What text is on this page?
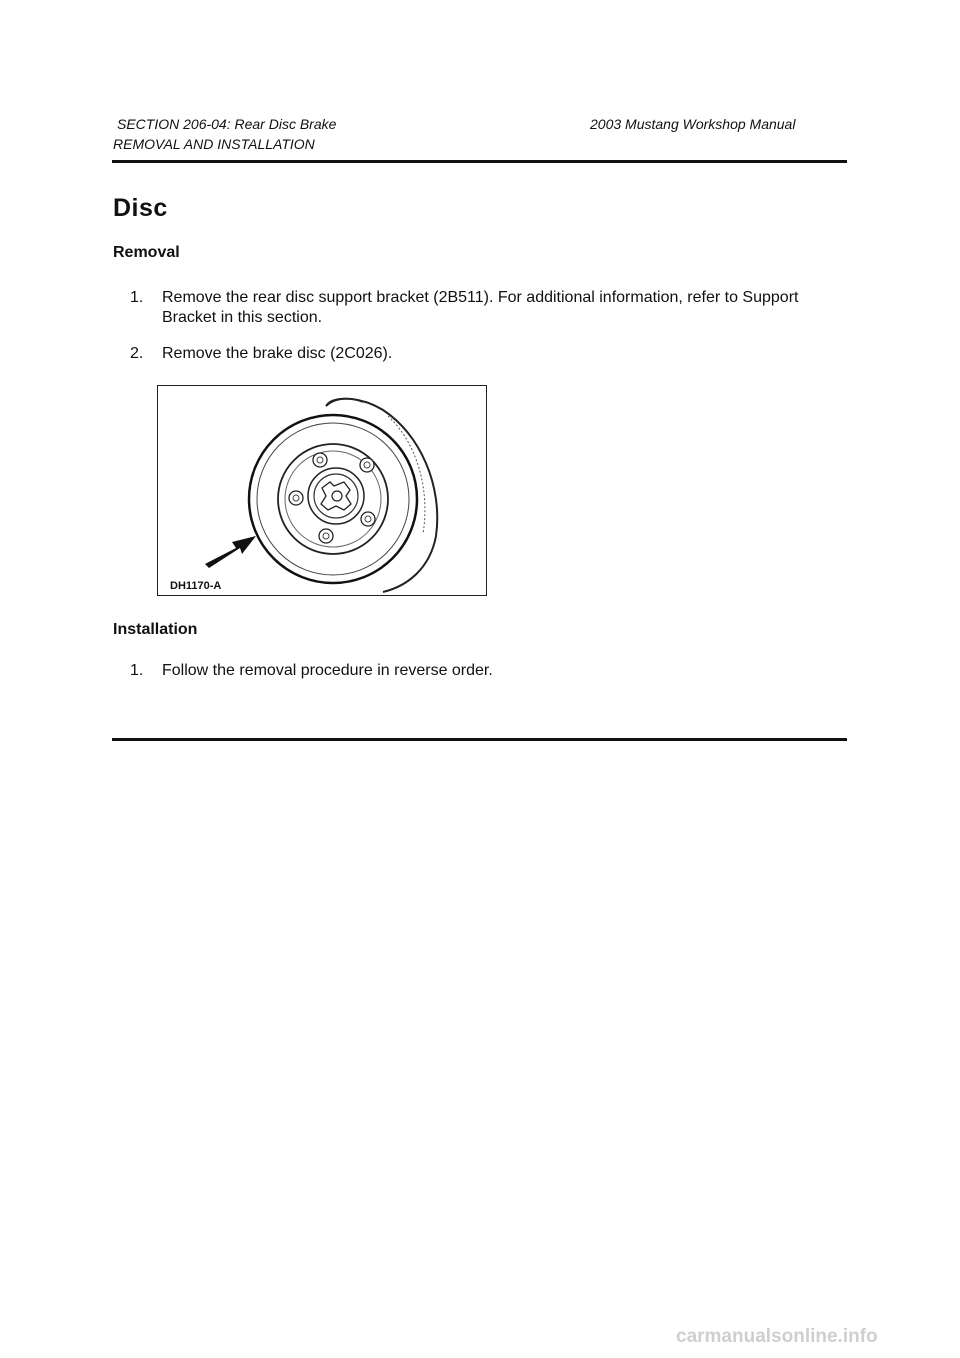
SECTION 206-04: Rear Disc Brake	2003 Mustang Workshop Manual
REMOVAL AND INSTALLATION
Disc
Removal
1.	Remove the rear disc support bracket (2B511). For additional information, refer to Support Bracket in this section.
2.	Remove the brake disc (2C026).
DH1170-A
Installation
1.	Follow the removal procedure in reverse order.
carmanualsonline.info
